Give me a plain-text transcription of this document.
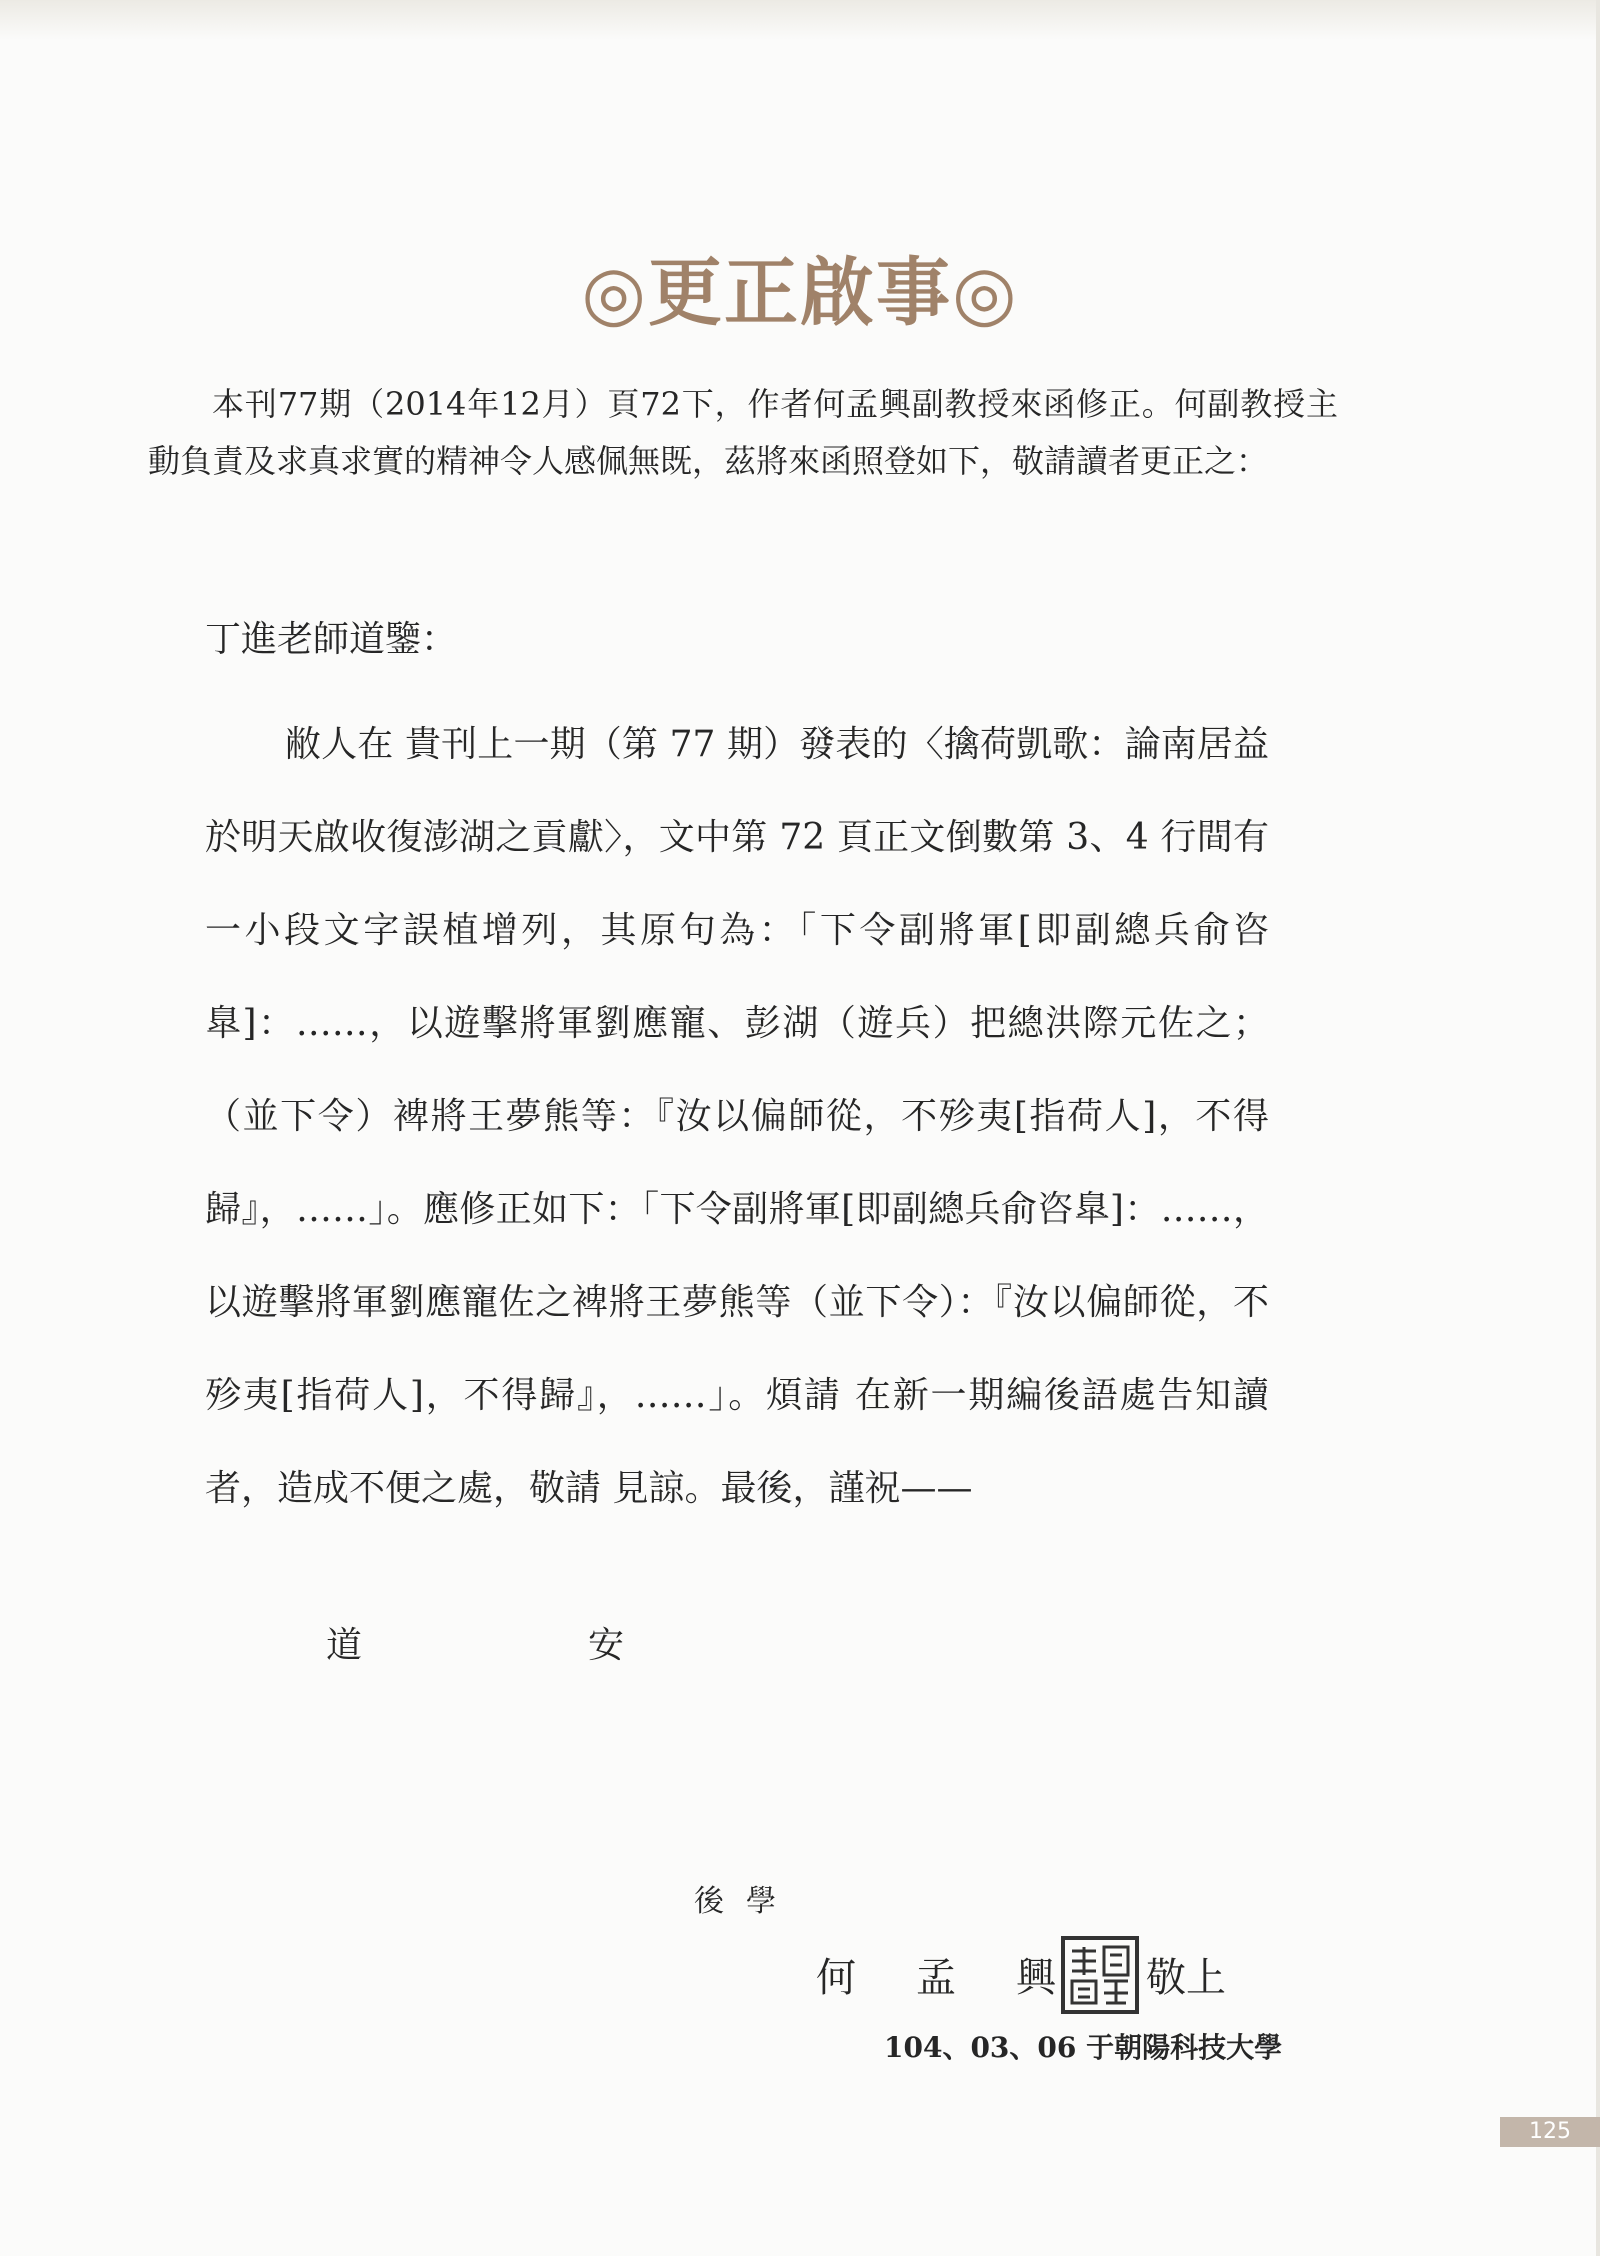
◎更正啟事◎

本刊77期（2014年12月）頁72下，作者何孟興副教授來函修正。何副教授主動負責及求真求實的精神令人感佩無既，茲將來函照登如下，敬請讀者更正之：

丁進老師道鑒：

敝人在 貴刊上一期（第 77 期）發表的〈擒荷凱歌：論南居益於明天啟收復澎湖之貢獻〉，文中第 72 頁正文倒數第 3、4 行間有一小段文字誤植增列，其原句為：「下令副將軍[即副總兵俞咨臯]：……，以遊擊將軍劉應寵、彭湖（遊兵）把總洪際元佐之；（並下令）裨將王夢熊等：『汝以偏師從，不殄夷[指荷人]，不得歸』，……」。應修正如下：「下令副將軍[即副總兵俞咨臯]：……，以遊擊將軍劉應寵佐之裨將王夢熊等（並下令）：『汝以偏師從，不殄夷[指荷人]，不得歸』，……」。煩請 在新一期編後語處告知讀者，造成不便之處，敬請 見諒。最後，謹祝——

道	安
後學
何孟興 敬上
104、03、06 于朝陽科技大學
125
